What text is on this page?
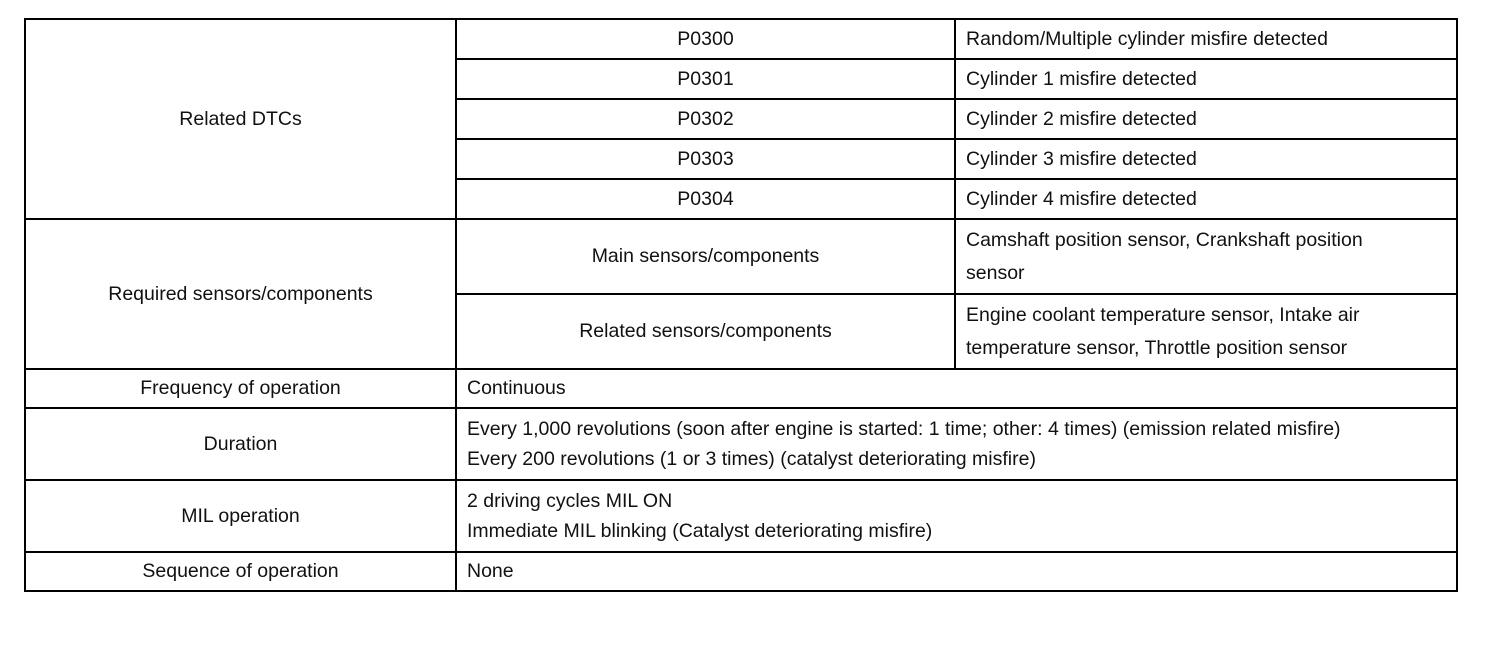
Related DTCs	P0300	Random/Multiple cylinder misfire detected
	P0301	Cylinder 1 misfire detected
	P0302	Cylinder 2 misfire detected
	P0303	Cylinder 3 misfire detected
	P0304	Cylinder 4 misfire detected
Required sensors/components	Main sensors/components	Camshaft position sensor, Crankshaft position
sensor

	Related sensors/components	Engine coolant temperature sensor, Intake air
temperature sensor, Throttle position sensor

Frequency of operation	Continuous	
Duration	Every 1,000 revolutions (soon after engine is started: 1 time; other: 4 times) (emission related misfire)
Every 200 revolutions (1 or 3 times) (catalyst deteriorating misfire)	

MIL operation	2 driving cycles MIL ON
Immediate MIL blinking (Catalyst deteriorating misfire)	

Sequence of operation	None	
